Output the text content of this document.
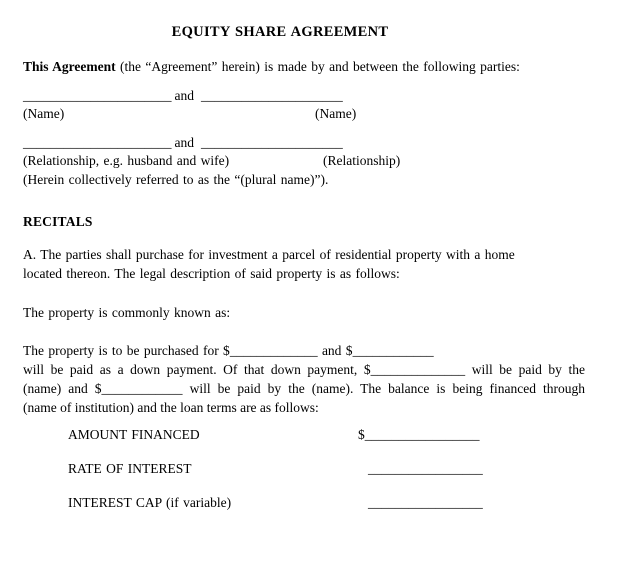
EQUITY SHARE AGREEMENT
This Agreement (the “Agreement” herein) is made by and between the following parties:
______________________ and _____________________
(Name)	(Name)
______________________ and _____________________
(Relationship, e.g. husband and wife)	(Relationship)
(Herein collectively referred to as the “(plural name)”).
RECITALS
A. The parties shall purchase for investment a parcel of residential property with a home
located thereon. The legal description of said property is as follows:
The property is commonly known as:
The property is to be purchased for $_____________ and $____________
will be paid as a down payment. Of that down payment, $______________ will be paid by the
(name) and $____________ will be paid by the (name). The balance is being financed through
(name of institution) and the loan terms are as follows:
AMOUNT FINANCED	$_________________
RATE OF INTEREST	_________________
INTEREST CAP (if variable)	_________________
